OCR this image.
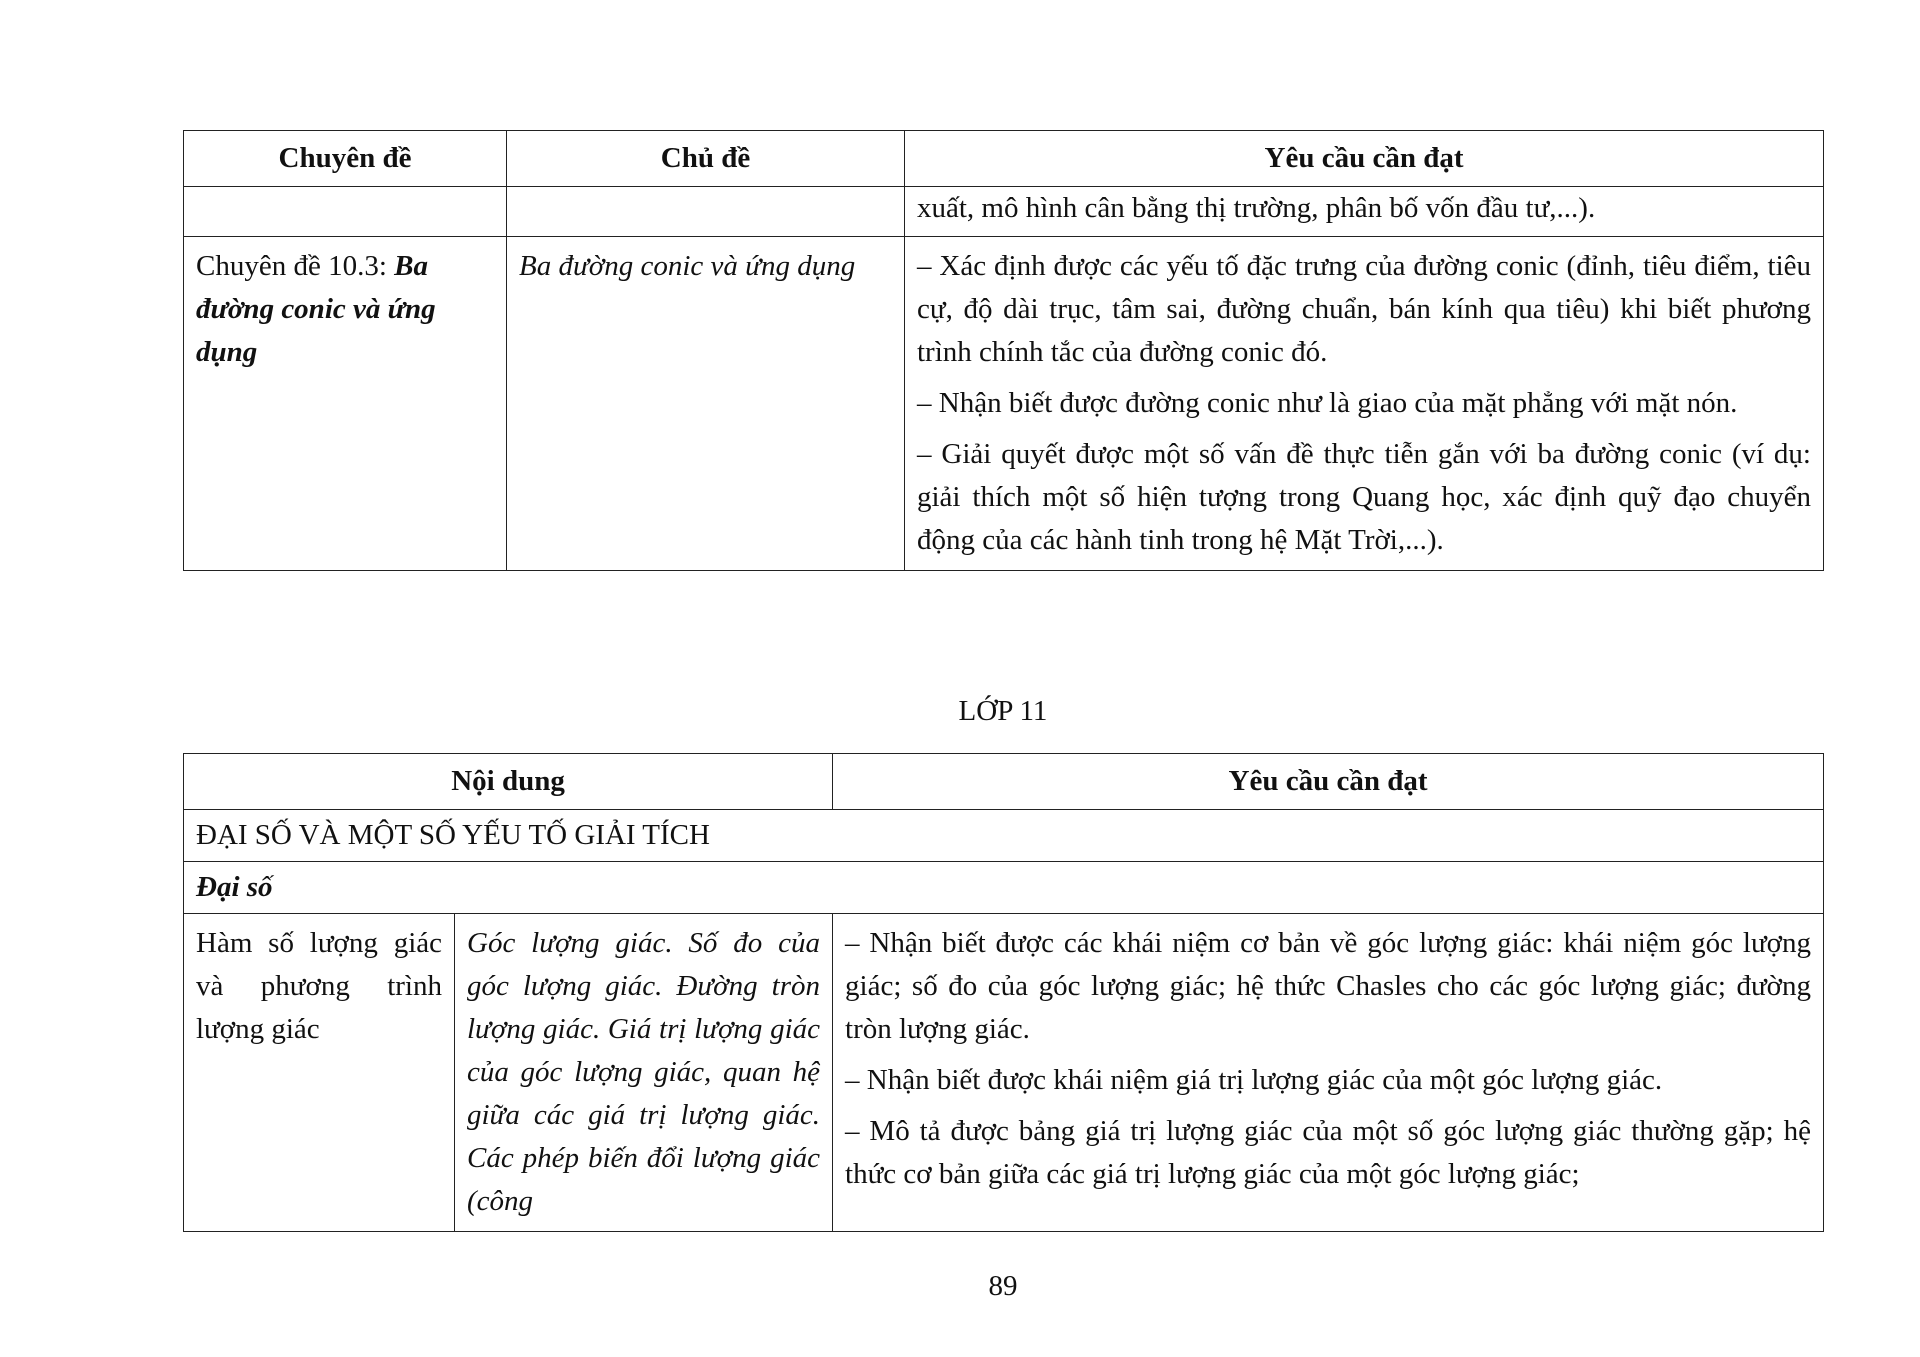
Chuyên đề	Chủ đề	Yêu cầu cần đạt
		xuất, mô hình cân bằng thị trường, phân bố vốn đầu tư,...).
Chuyên đề 10.3: Ba đường conic và ứng dụng	Ba đường conic và ứng dụng	– Xác định được các yếu tố đặc trưng của đường conic (đỉnh, tiêu điểm, tiêu cự, độ dài trục, tâm sai, đường chuẩn, bán kính qua tiêu) khi biết phương trình chính tắc của đường conic đó.

– Nhận biết được đường conic như là giao của mặt phẳng với mặt nón.

– Giải quyết được một số vấn đề thực tiễn gắn với ba đường conic (ví dụ: giải thích một số hiện tượng trong Quang học, xác định quỹ đạo chuyển động của các hành tinh trong hệ Mặt Trời,...).

LỚP 11
Nội dung		Yêu cầu cần đạt
ĐẠI SỐ VÀ MỘT SỐ YẾU TỐ GIẢI TÍCH		
Đại số		
Hàm số lượng giác và phương trình lượng giác	Góc lượng giác. Số đo của góc lượng giác. Đường tròn lượng giác. Giá trị lượng giác của góc lượng giác, quan hệ giữa các giá trị lượng giác. Các phép biến đổi lượng giác (công	– Nhận biết được các khái niệm cơ bản về góc lượng giác: khái niệm góc lượng giác; số đo của góc lượng giác; hệ thức Chasles cho các góc lượng giác; đường tròn lượng giác.

– Nhận biết được khái niệm giá trị lượng giác của một góc lượng giác.

– Mô tả được bảng giá trị lượng giác của một số góc lượng giác thường gặp; hệ thức cơ bản giữa các giá trị lượng giác của một góc lượng giác;

89
